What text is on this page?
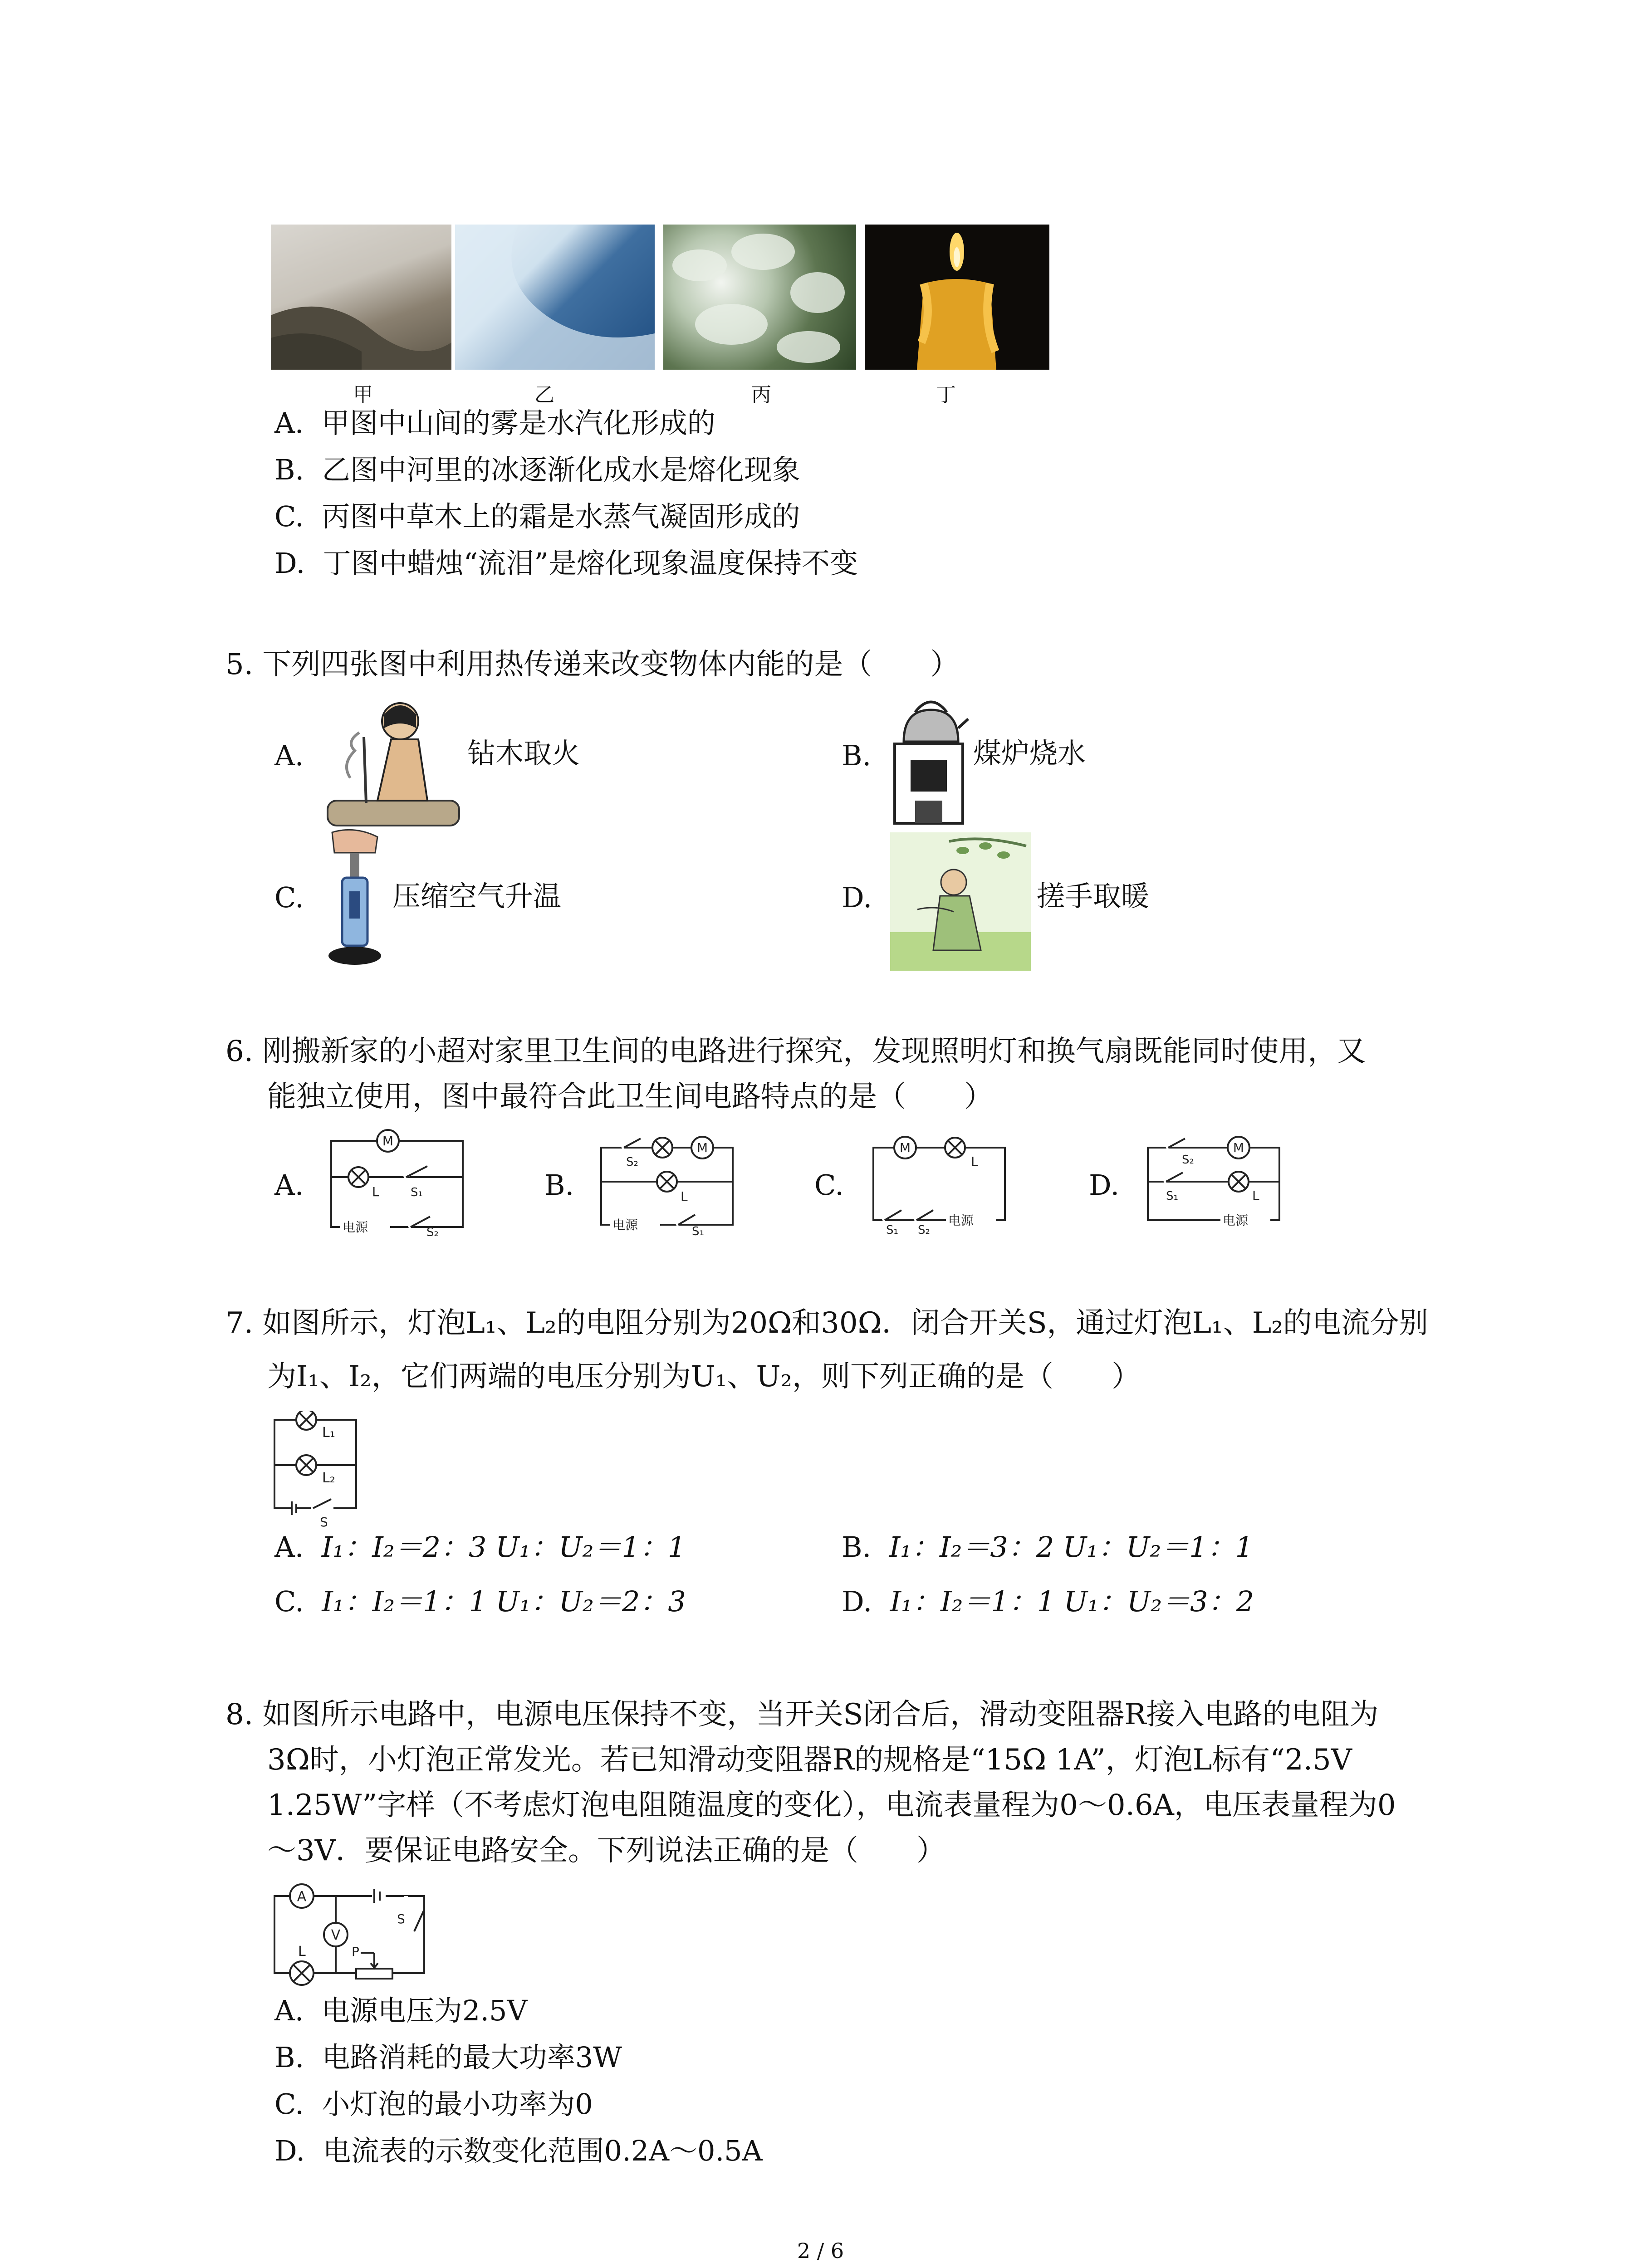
甲	乙	丙	丁
A. 甲图中山间的雾是水汽化形成的
B. 乙图中河里的冰逐渐化成水是熔化现象
C. 丙图中草木上的霜是水蒸气凝固形成的
D. 丁图中蜡烛“流泪”是熔化现象温度保持不变
5. 下列四张图中利用热传递来改变物体内能的是（　　）
A.	钻木取火	B.	煤炉烧水
C.	压缩空气升温	D.	搓手取暖
6. 刚搬新家的小超对家里卫生间的电路进行探究，发现照明灯和换气扇既能同时使用，又
能独立使用，图中最符合此卫生间电路特点的是（　　）
A.
M
L	S₁
电源	S₂
B.
S₂
M
L
电源	S₁
C.
M
L
S₁ S₂
电源
D.
S₂
M
S₁	L
电源
7. 如图所示，灯泡L₁、L₂的电阻分别为20Ω和30Ω．闭合开关S，通过灯泡L₁、L₂的电流分别
为I₁、I₂，它们两端的电压分别为U₁、U₂，则下列正确的是（　　）
L₁
L₂
S
A. I₁：I₂＝2：3 U₁：U₂＝1：1	B. I₁：I₂＝3：2 U₁：U₂＝1：1
C. I₁：I₂＝1：1 U₁：U₂＝2：3	D. I₁：I₂＝1：1 U₁：U₂＝3：2
8. 如图所示电路中，电源电压保持不变，当开关S闭合后，滑动变阻器R接入电路的电阻为
3Ω时，小灯泡正常发光。若已知滑动变阻器R的规格是“15Ω 1A”，灯泡L标有“2.5V
1.25W”字样（不考虑灯泡电阻随温度的变化），电流表量程为0～0.6A，电压表量程为0
～3V．要保证电路安全。下列说法正确的是（　　）
A
V
S
L	P
A. 电源电压为2.5V
B. 电路消耗的最大功率3W
C. 小灯泡的最小功率为0
D. 电流表的示数变化范围0.2A～0.5A
2 / 6
